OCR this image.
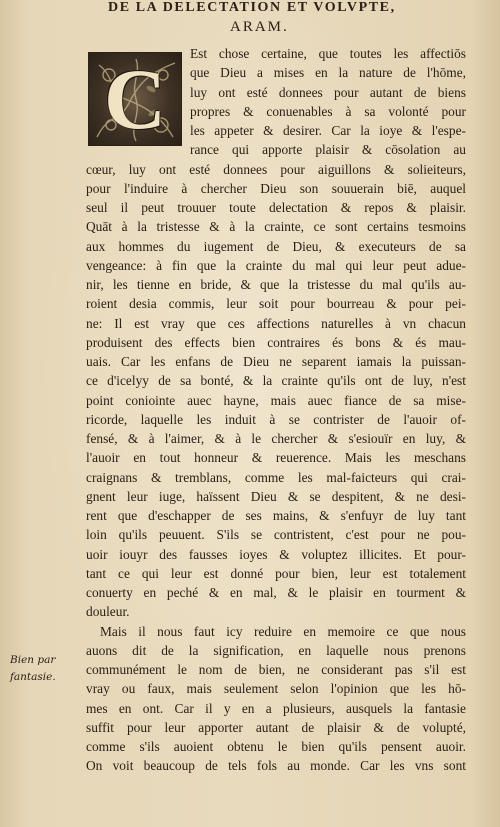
DE LA DELECTATION ET VOLVPTE,
ARAM.
C	Est chose certaine, que toutes les affectiōs
que Dieu a mises en la nature de l'hōme,
luy ont esté donnees pour autant de biens
propres & conuenables à sa volonté pour
les appeter & desirer. Car la ioye & l'espe-
rance qui apporte plaisir & cōsolation au
cœur, luy ont esté donnees pour aiguillons & solieiteurs,
pour l'induire à chercher Dieu son souuerain biē, auquel
seul il peut trouuer toute delectation & repos & plaisir.
Quāt à la tristesse & à la crainte, ce sont certains tesmoins
aux hommes du iugement de Dieu, & executeurs de sa
vengeance: à fin que la crainte du mal qui leur peut adue-
nir, les tienne en bride, & que la tristesse du mal qu'ils au-
roient desia commis, leur soit pour bourreau & pour pei-
ne: Il est vray que ces affections naturelles à vn chacun
produisent des effects bien contraires és bons & és mau-
uais. Car les enfans de Dieu ne separent iamais la puissan-
ce d'icelуу de sa bonté, & la crainte qu'ils ont de luy, n'est
point coniointe auec hayne, mais auec fiance de sa mise-
ricorde, laquelle les induit à se contrister de l'auoir of-
fensé, & à l'aimer, & à le chercher & s'esiouïr en luy, &
l'auoir en tout honneur & reuerence. Mais les meschans
craignans & tremblans, comme les mal-faicteurs qui crai-
gnent leur iuge, haïssent Dieu & se despitent, & ne desi-
rent que d'eschapper de ses mains, & s'enfuyr de luy tant
loin qu'ils peuuent. S'ils se contristent, c'est pour ne pou-
uoir iouyr des fausses ioyes & voluptez illicites. Et pour-
tant ce qui leur est donné pour bien, leur est totalement
conuerty en peché & en mal, & le plaisir en tourment &
douleur.
Mais il nous faut icy reduire en memoire ce que nous
auons dit de la signification, en laquelle nous prenons
communément le nom de bien, ne considerant pas s'il est
vray ou faux, mais seulement selon l'opinion que les hō-
mes en ont. Car il y en a plusieurs, ausquels la fantasie
suffit pour leur apporter autant de plaisir & de volupté,
comme s'ils auoient obtenu le bien qu'ils pensent auoir.
On voit beaucoup de tels fols au monde. Car les vns sont
Bien par
fantasie.
